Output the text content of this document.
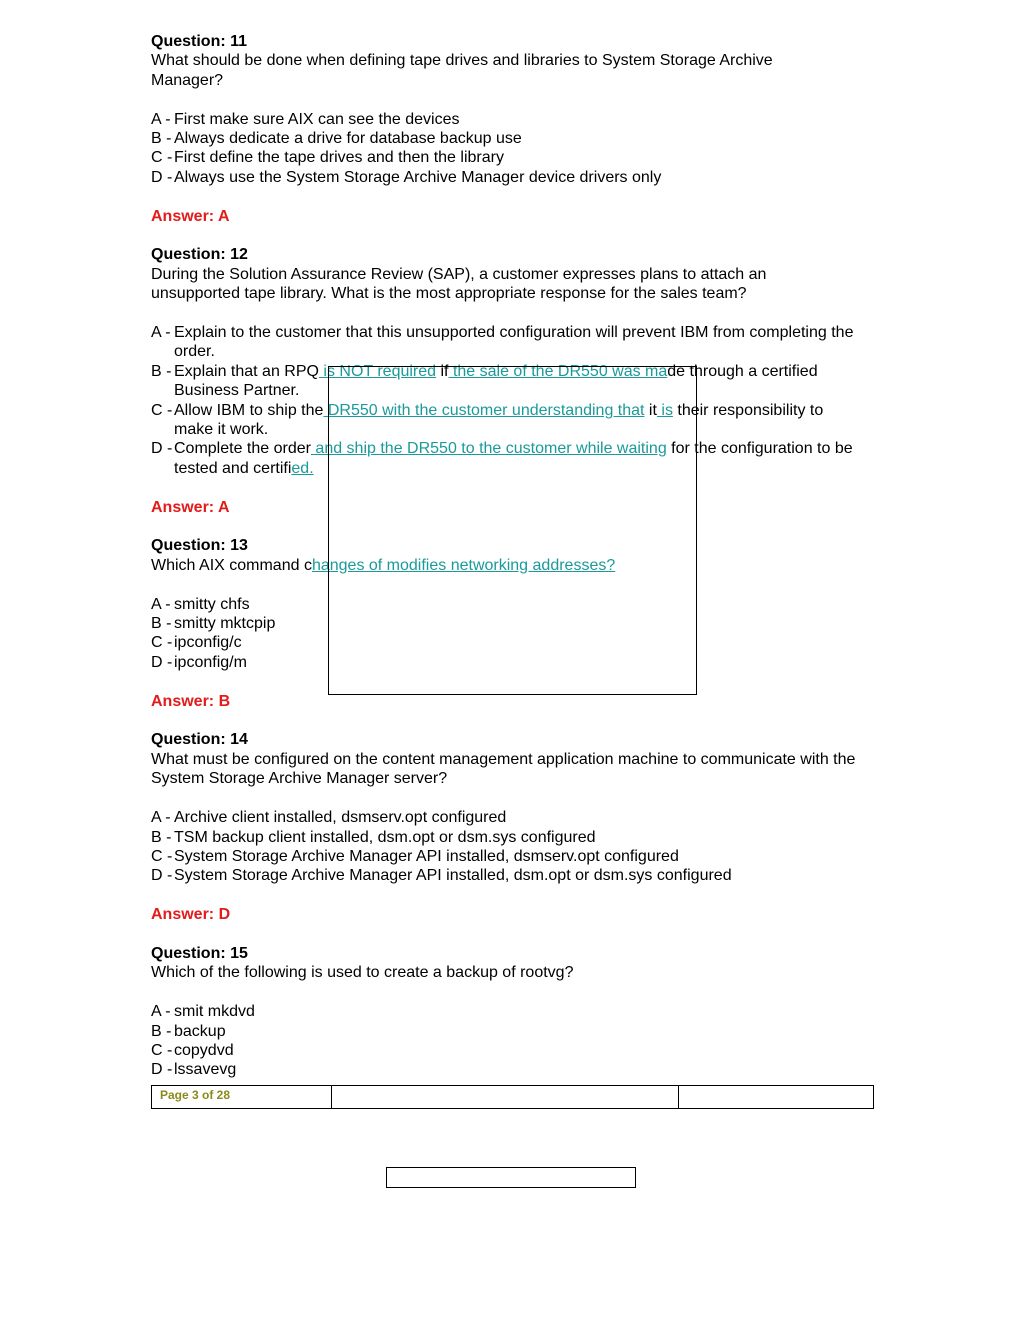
Question: 11
What should be done when defining tape drives and libraries to System Storage Archive Manager?
A - First make sure AIX can see the devices
B - Always dedicate a drive for database backup use
C - First define the tape drives and then the library
D - Always use the System Storage Archive Manager device drivers only
Answer: A
Question: 12
During the Solution Assurance Review (SAP), a customer expresses plans to attach an unsupported tape library. What is the most appropriate response for the sales team?
A - Explain to the customer that this unsupported configuration will prevent IBM from completing the order.
B - Explain that an RPQ is NOT required if the sale of the DR550 was made through a certified Business Partner.
C - Allow IBM to ship the DR550 with the customer understanding that it is their responsibility to make it work.
D - Complete the order and ship the DR550 to the customer while waiting for the configuration to be tested and certified.
Answer: A
Question: 13
Which AIX command changes of modifies networking addresses?
A - smitty chfs
B - smitty mktcpip
C - ipconfig/c
D - ipconfig/m
Answer: B
Question: 14
What must be configured on the content management application machine to communicate with the System Storage Archive Manager server?
A - Archive client installed, dsmserv.opt configured
B - TSM backup client installed, dsm.opt or dsm.sys configured
C - System Storage Archive Manager API installed, dsmserv.opt configured
D - System Storage Archive Manager API installed, dsm.opt or dsm.sys configured
Answer: D
Question: 15
Which of the following is used to create a backup of rootvg?
A - smit mkdvd
B - backup
C - copydvd
D - lssavevg
Page 3 of 28
